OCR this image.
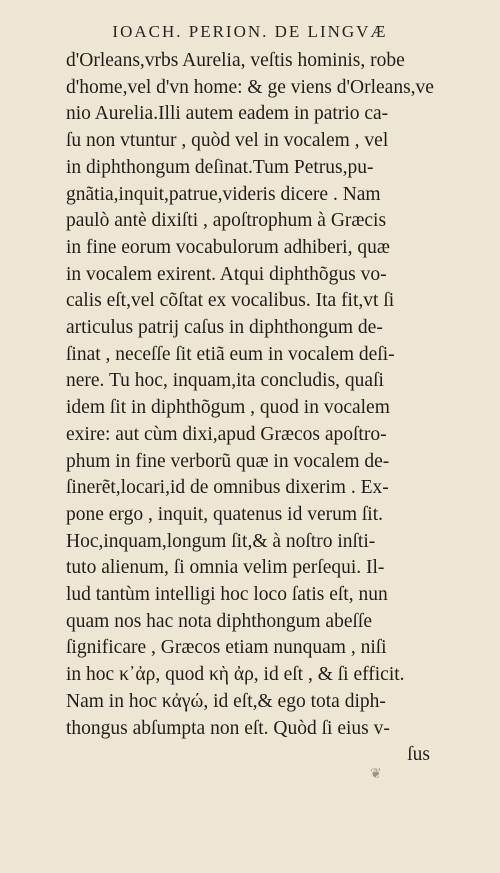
IOACH. PERION. DE LINGVÆ
d'Orleans,vrbs Aurelia, veſtis hominis, robe
d'home,vel d'vn home: & ge viens d'Orleans,ve
nio Aurelia.Illi autem eadem in patrio ca-
ſu non vtuntur , quòd vel in vocalem , vel
in diphthongum deſinat.Tum Petrus,pu-
gnãtia,inquit,patrue,videris dicere . Nam
paulò antè dixiſti , apoſtrophum à Græcis
in fine eorum vocabulorum adhiberi, quæ
in vocalem exirent. Atqui diphthõgus vo-
calis eſt,vel cõſtat ex vocalibus. Ita fit,vt ſi
articulus patrij caſus in diphthongum de-
ſinat , neceſſe ſit etiã eum in vocalem deſi-
nere. Tu hoc, inquam,ita concludis, quaſi
idem ſit in diphthõgum , quod in vocalem
exire: aut cùm dixi,apud Græcos apoſtro-
phum in fine verborũ quæ in vocalem de-
ſinerẽt,locari,id de omnibus dixerim . Ex-
pone ergo , inquit, quatenus id verum ſit.
Hoc,inquam,longum ſit,& à noſtro inſti-
tuto alienum, ſi omnia velim perſequi. Il-
lud tantùm intelligi hoc loco ſatis eſt, nun
quam nos hac nota diphthongum abeſſe
ſignificare , Græcos etiam nunquam , niſi
in hoc κ᾽ἀρ, quod κὴ ἀρ, id eſt , & ſi efficit.
Nam in hoc κἀγώ, id eſt,& ego tota diph-
thongus abſumpta non eſt. Quòd ſi eius v-
ſus
❦
